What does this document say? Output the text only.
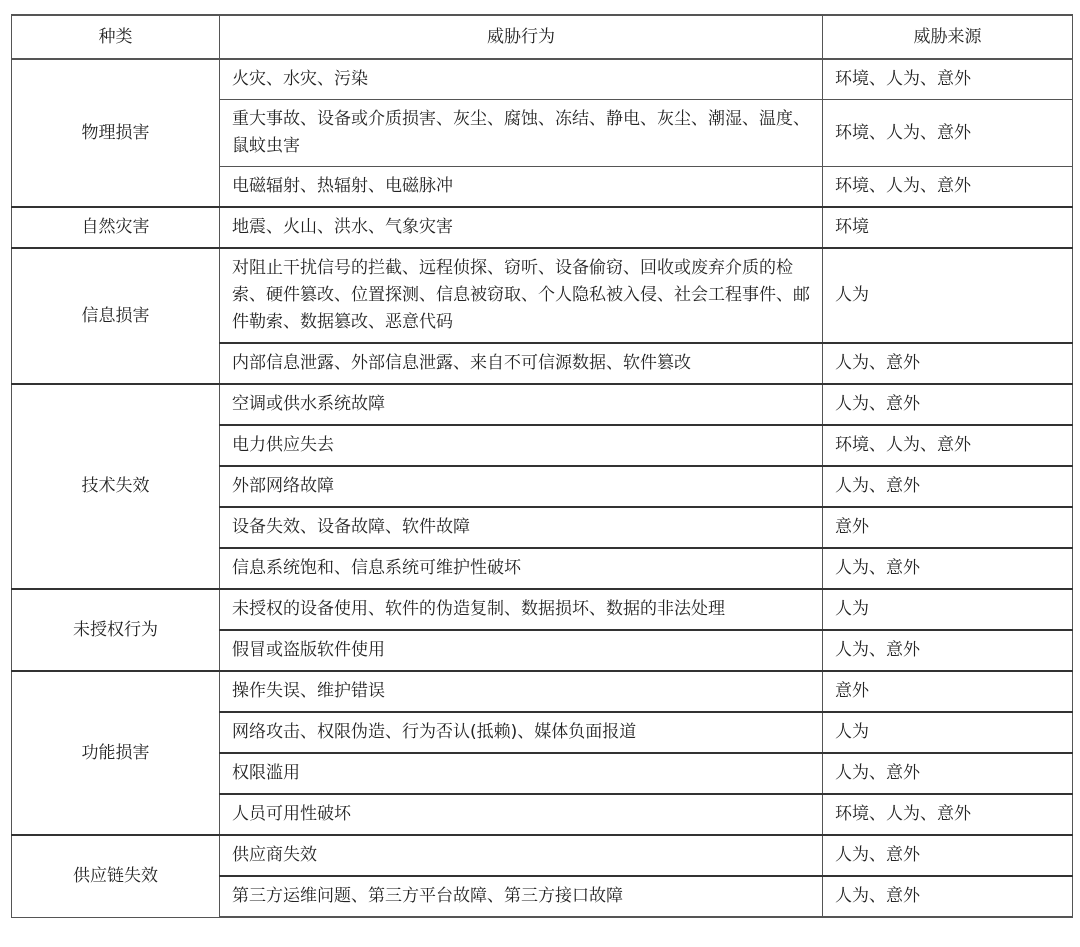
种类	威胁行为	威胁来源
物理损害	火灾、水灾、污染	环境、人为、意外
	重大事故、设备或介质损害、灰尘、腐蚀、冻结、静电、灰尘、潮湿、温度、鼠蚊虫害	环境、人为、意外
	电磁辐射、热辐射、电磁脉冲	环境、人为、意外
自然灾害	地震、火山、洪水、气象灾害	环境
信息损害	对阻止干扰信号的拦截、远程侦探、窃听、设备偷窃、回收或废弃介质的检索、硬件篡改、位置探测、信息被窃取、个人隐私被入侵、社会工程事件、邮件勒索、数据篡改、恶意代码	人为
	内部信息泄露、外部信息泄露、来自不可信源数据、软件篡改	人为、意外
技术失效	空调或供水系统故障	人为、意外
	电力供应失去	环境、人为、意外
	外部网络故障	人为、意外
	设备失效、设备故障、软件故障	意外
	信息系统饱和、信息系统可维护性破坏	人为、意外
未授权行为	未授权的设备使用、软件的伪造复制、数据损坏、数据的非法处理	人为
	假冒或盗版软件使用	人为、意外
功能损害	操作失误、维护错误	意外
	网络攻击、权限伪造、行为否认(抵赖)、媒体负面报道	人为
	权限滥用	人为、意外
	人员可用性破坏	环境、人为、意外
供应链失效	供应商失效	人为、意外
	第三方运维问题、第三方平台故障、第三方接口故障	人为、意外
